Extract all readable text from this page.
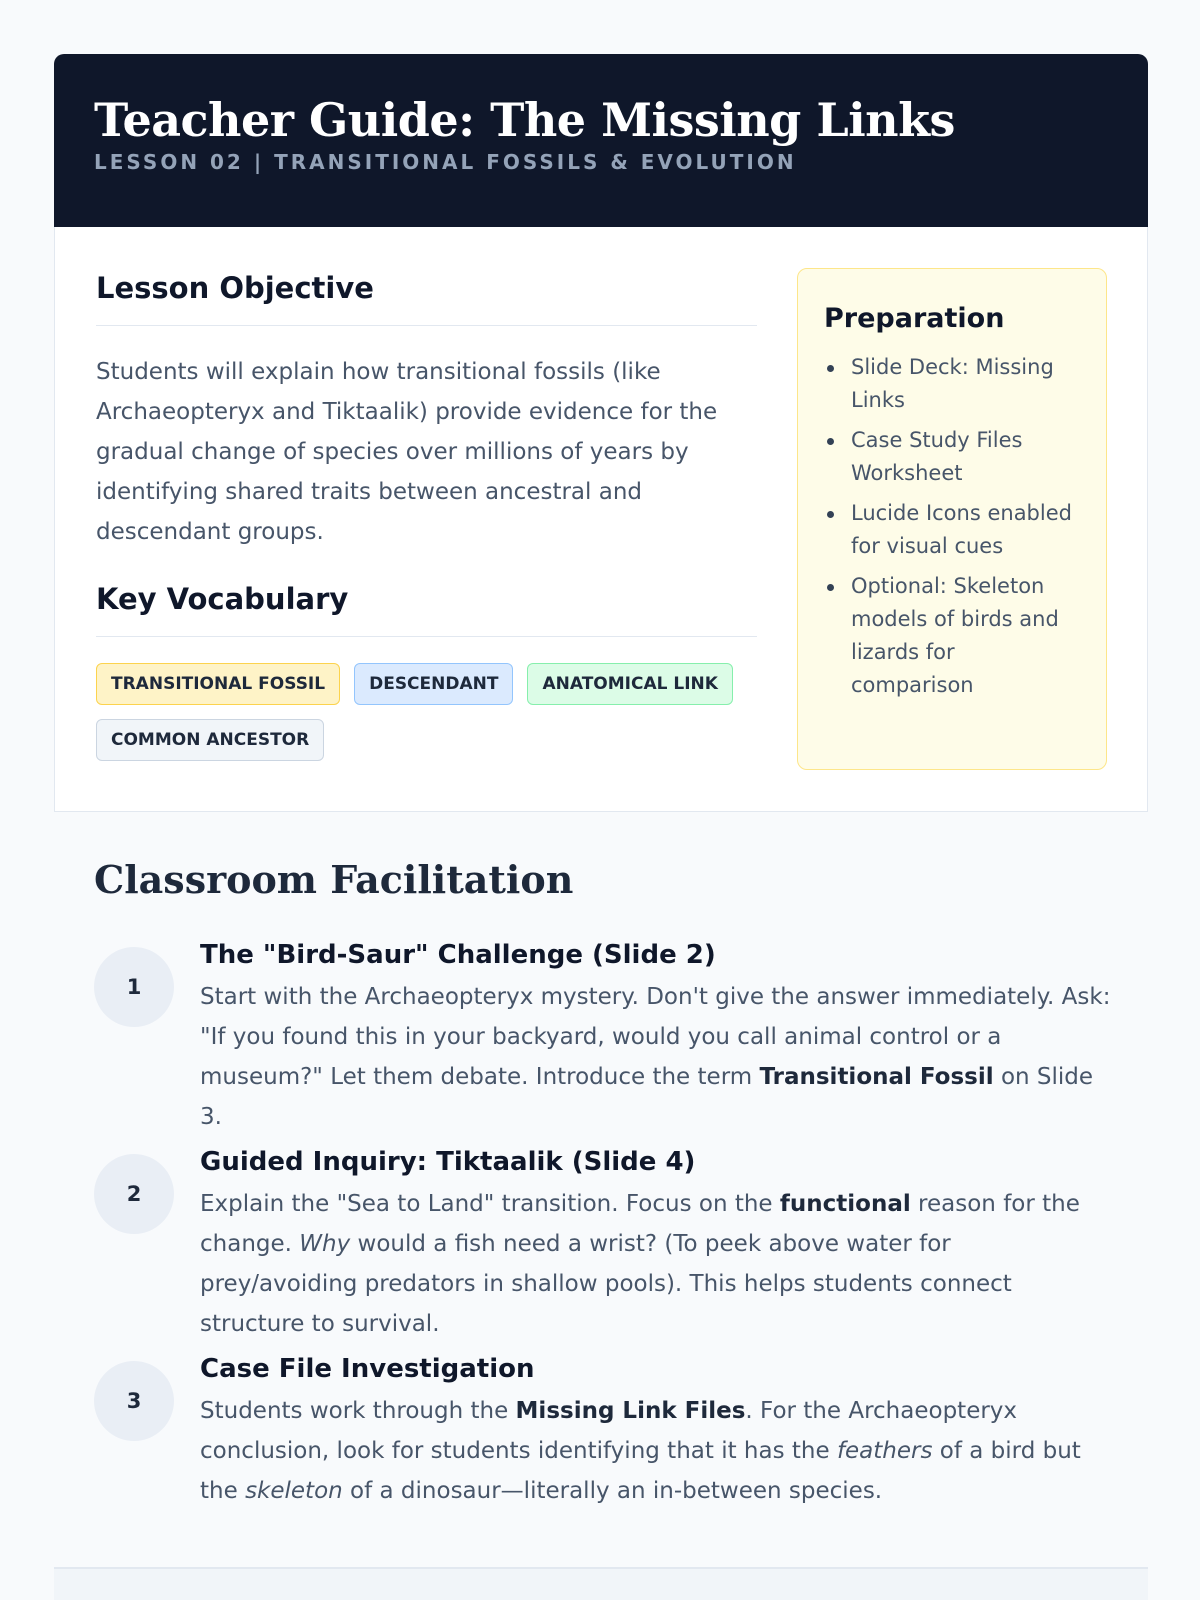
Teacher Guide: The Missing Links
LESSON 02 | TRANSITIONAL FOSSILS & EVOLUTION
Lesson Objective

Students will explain how transitional fossils (like Archaeopteryx and Tiktaalik) provide evidence for the gradual change of species over millions of years by identifying shared traits between ancestral and descendant groups.

Key Vocabulary
TRANSITIONAL FOSSIL	DESCENDANT	ANATOMICAL LINK
COMMON ANCESTOR
Preparation
Slide Deck: Missing Links
Case Study Files Worksheet
Lucide Icons enabled for visual cues
Optional: Skeleton models of birds and lizards for comparison
Classroom Facilitation
1
The "Bird-Saur" Challenge (Slide 2)

Start with the Archaeopteryx mystery. Don't give the answer immediately. Ask: "If you found this in your backyard, would you call animal control or a museum?" Let them debate. Introduce the term Transitional Fossil on Slide 3.

2
Guided Inquiry: Tiktaalik (Slide 4)

Explain the "Sea to Land" transition. Focus on the functional reason for the change. Why would a fish need a wrist? (To peek above water for prey/avoiding predators in shallow pools). This helps students connect structure to survival.

3
Case File Investigation

Students work through the Missing Link Files. For the Archaeopteryx conclusion, look for students identifying that it has the feathers of a bird but the skeleton of a dinosaur—literally an in-between species.
